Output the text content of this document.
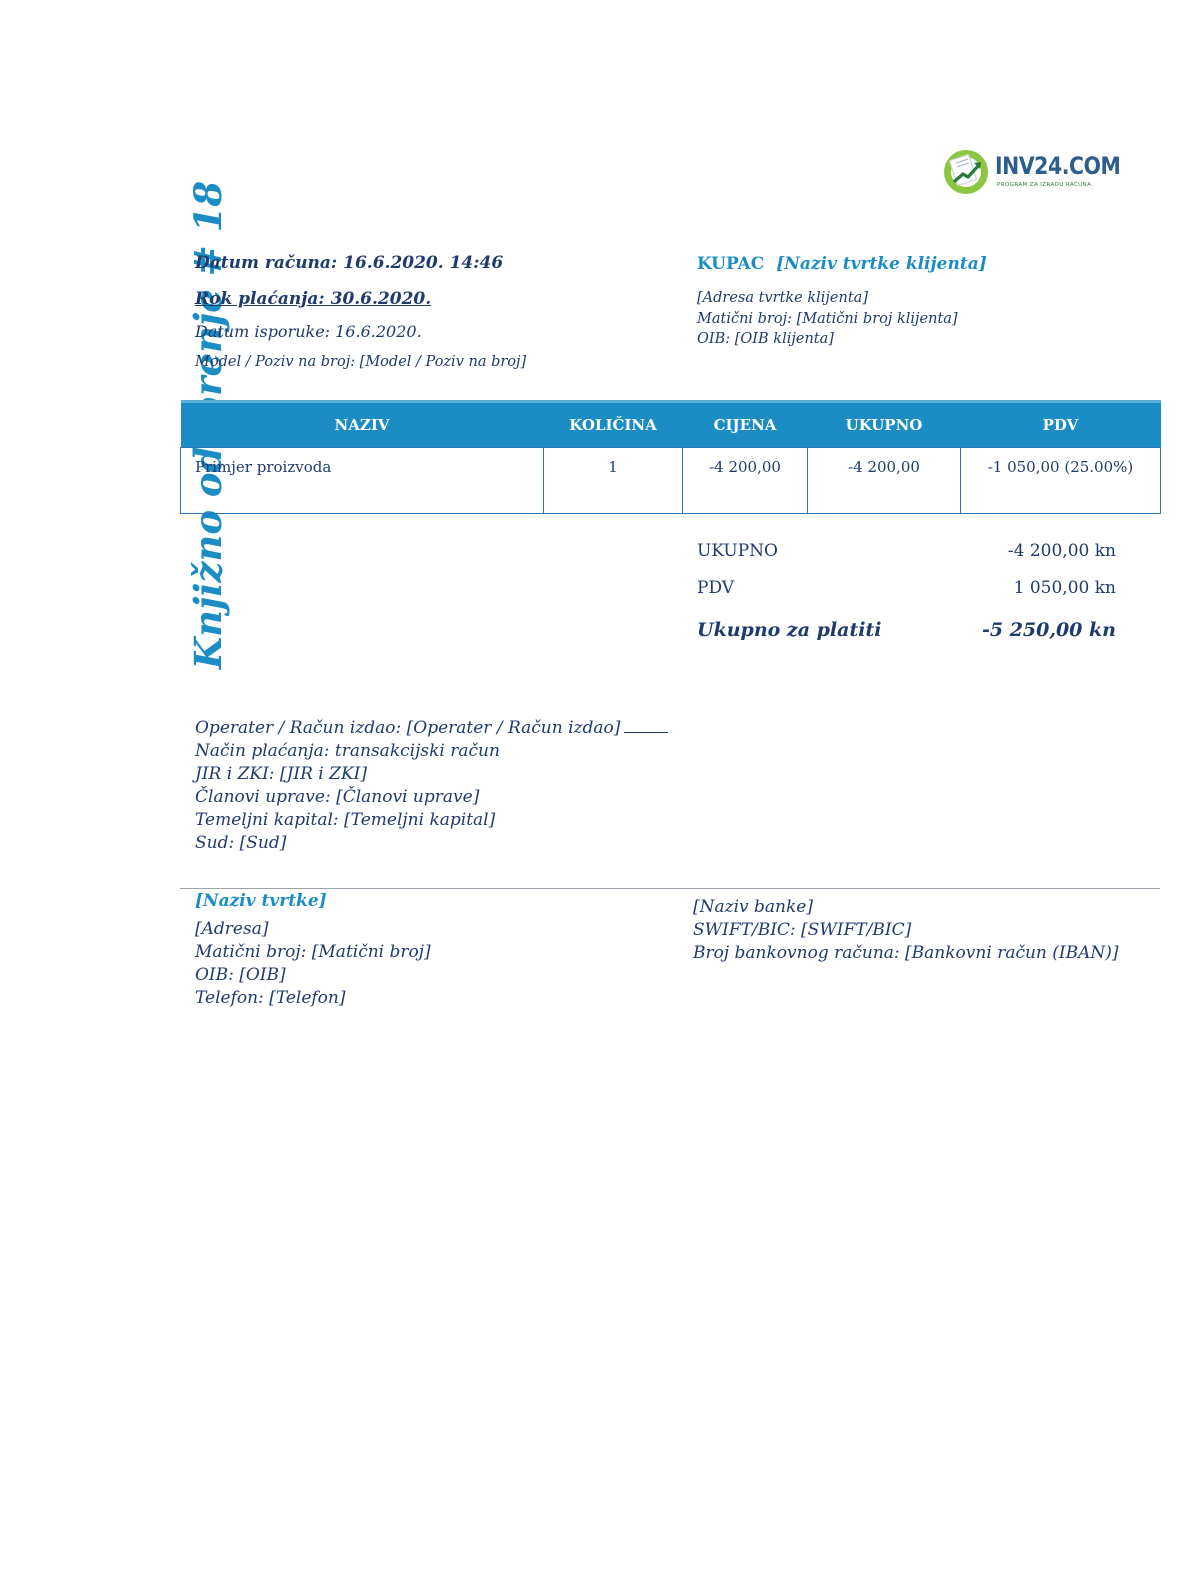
INV24.COM
PROGRAM ZA IZRADU RAČUNA
Datum računa: 16.6.2020. 14:46
Rok plaćanja: 30.6.2020.
Datum isporuke: 16.6.2020.
Model / Poziv na broj: [Model / Poziv na broj]
KUPAC [Naziv tvrtke klijenta]
[Adresa tvrtke klijenta]
Matični broj: [Matični broj klijenta]
OIB: [OIB klijenta]
NAZIV	KOLIČINA	CIJENA	UKUPNO	PDV
Primjer proizvoda	1	-4 200,00	-4 200,00	-1 050,00 (25.00%)
UKUPNO	-4 200,00 kn
PDV	1 050,00 kn
Ukupno za platiti	-5 250,00 kn
Operater / Račun izdao: [Operater / Račun izdao]
Način plaćanja: transakcijski račun
JIR i ZKI: [JIR i ZKI]
Članovi uprave: [Članovi uprave]
Temeljni kapital: [Temeljni kapital]
Sud: [Sud]
[Naziv tvrtke]
[Adresa]
Matični broj: [Matični broj]
OIB: [OIB]
Telefon: [Telefon]
[Naziv banke]
SWIFT/BIC: [SWIFT/BIC]
Broj bankovnog računa: [Bankovni račun (IBAN)]
